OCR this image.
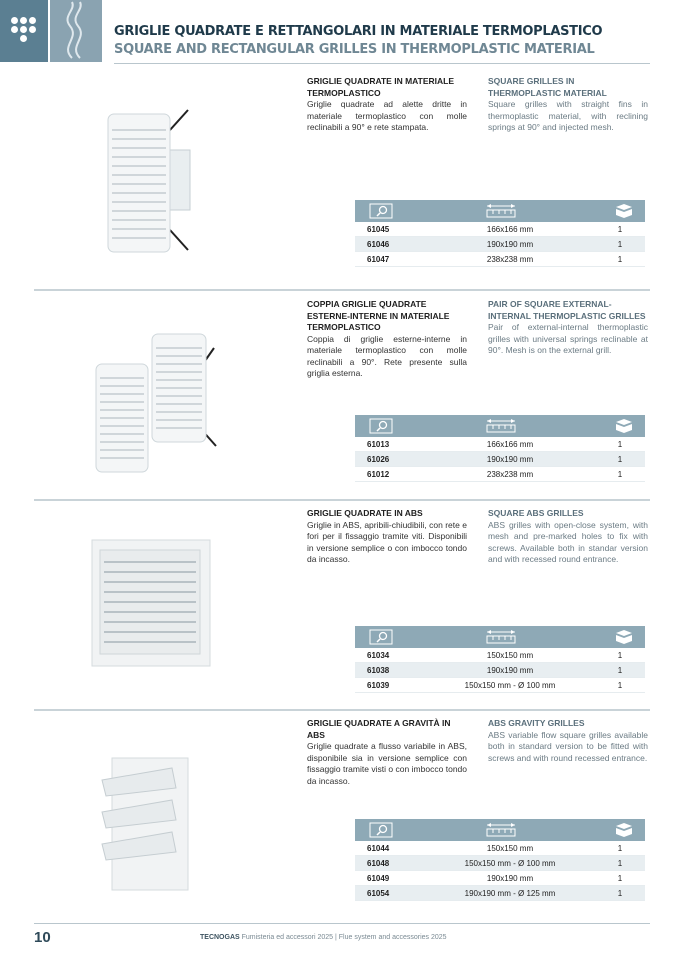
GRIGLIE QUADRATE E RETTANGOLARI IN MATERIALE TERMOPLASTICO
SQUARE AND RECTANGULAR GRILLES IN THERMOPLASTIC MATERIAL
GRIGLIE QUADRATE IN MATERIALE TERMOPLASTICO
Griglie quadrate ad alette dritte in materiale termoplastico con molle reclinabili a 90° e rete stampata.
SQUARE GRILLES IN THERMOPLASTIC MATERIAL
Square grilles with straight fins in thermoplastic material, with reclining springs at 90° and injected mesh.
61045	166x166 mm	1
61046	190x190 mm	1
61047	238x238 mm	1
COPPIA GRIGLIE QUADRATE ESTERNE-INTERNE IN MATERIALE TERMOPLASTICO
Coppia di griglie esterne-interne in materiale termoplastico con molle reclinabili a 90°. Rete presente sulla griglia esterna.
PAIR OF SQUARE EXTERNAL-INTERNAL THERMOPLASTIC GRILLES
Pair of external-internal thermoplastic grilles with universal springs reclinable at 90°. Mesh is on the external grill.
61013	166x166 mm	1
61026	190x190 mm	1
61012	238x238 mm	1
GRIGLIE QUADRATE IN ABS
Griglie in ABS, apribili-chiudibili, con rete e fori per il fissaggio tramite viti. Disponibili in versione semplice o con imbocco tondo da incasso.
SQUARE ABS GRILLES
ABS grilles with open-close system, with mesh and pre-marked holes to fix with screws. Available both in standar version and with recessed round entrance.
61034	150x150 mm	1
61038	190x190 mm	1
61039	150x150 mm - Ø 100 mm	1
GRIGLIE QUADRATE A GRAVITÀ IN ABS
Griglie quadrate a flusso variabile in ABS, disponibile sia in versione semplice con fissaggio tramite visti o con imbocco tondo da incasso.
ABS GRAVITY GRILLES
ABS variable flow square grilles available both in standard version to be fitted with screws and with round recessed entrance.
61044	150x150 mm	1
61048	150x150 mm - Ø 100 mm	1
61049	190x190 mm	1
61054	190x190 mm - Ø 125 mm	1
10	TECNOGAS Fumisteria ed accessori 2025 | Flue system and accessories 2025
